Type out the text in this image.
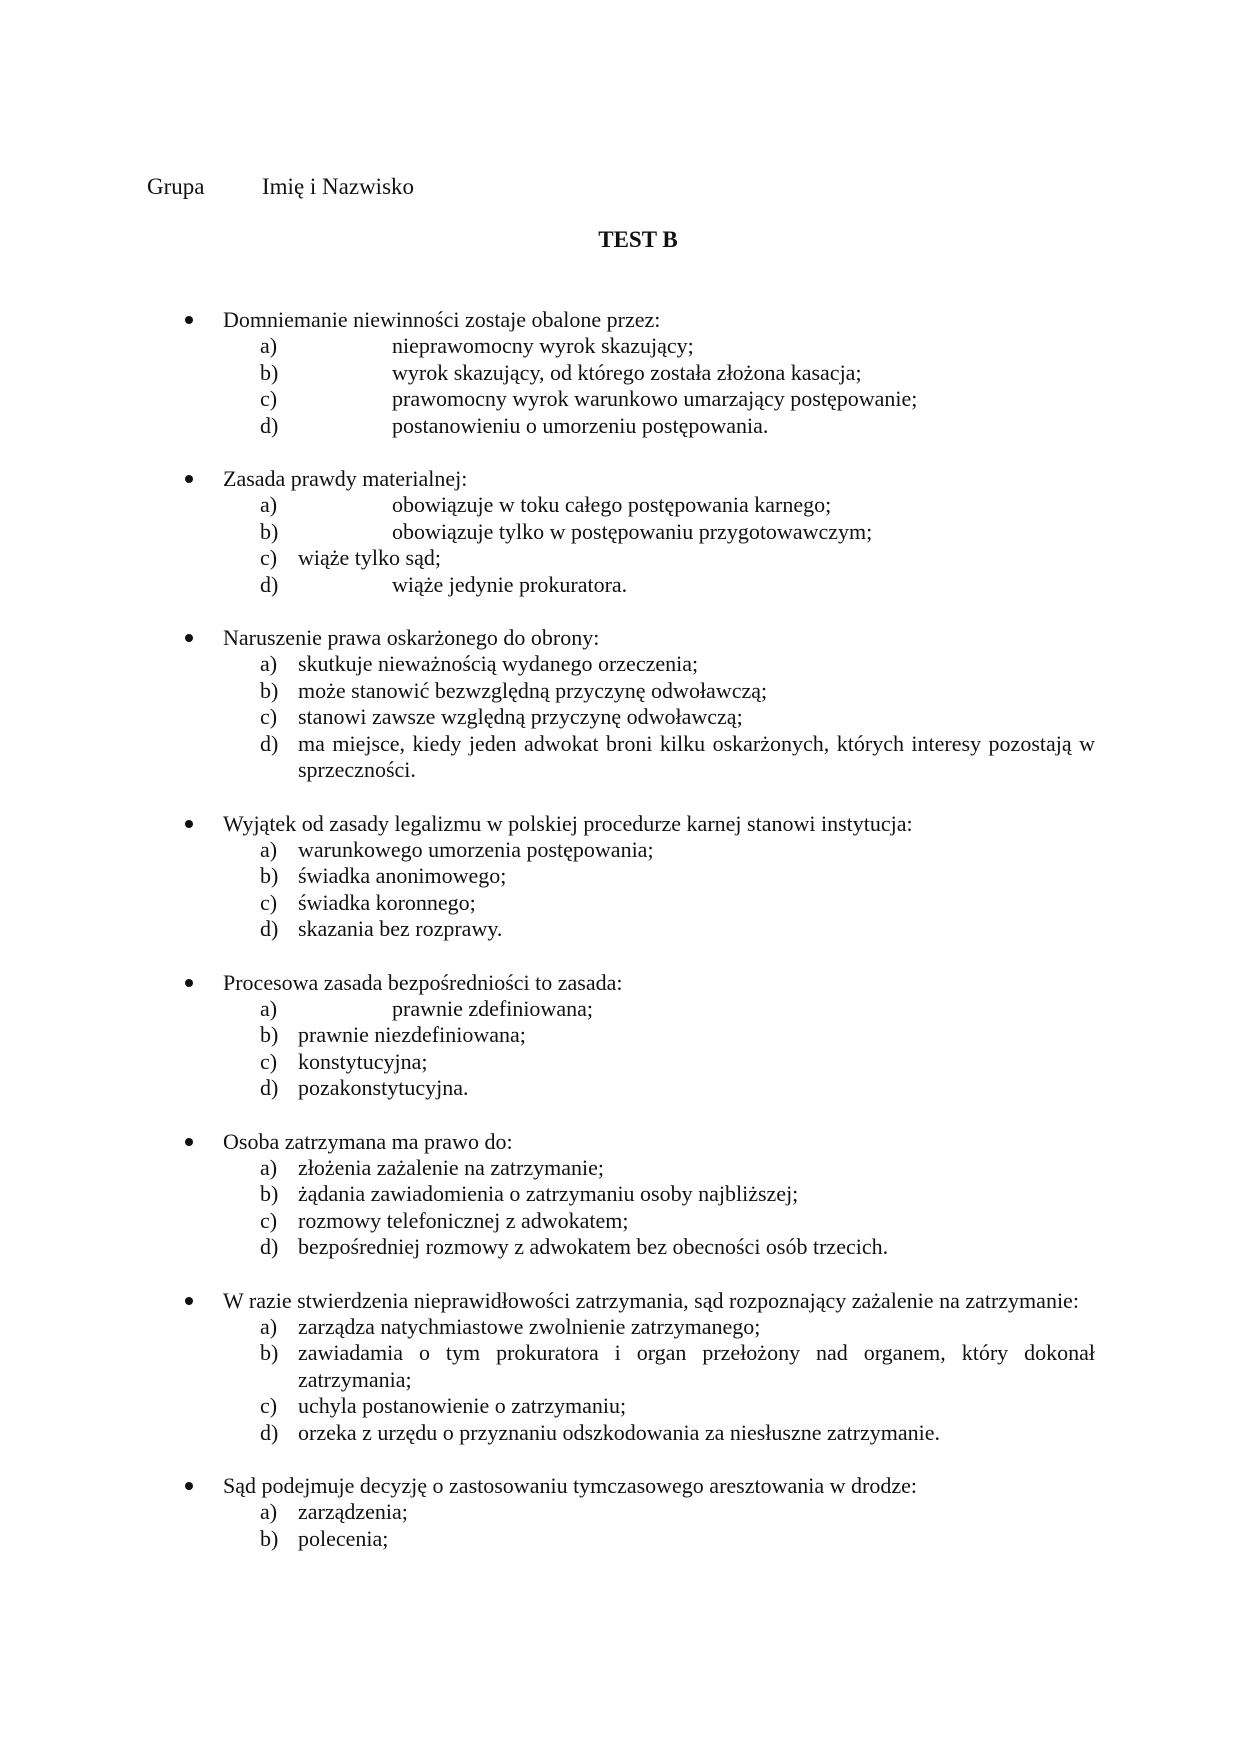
Grupa	Imię i Nazwisko
TEST B
Domniemanie niewinności zostaje obalone przez:
a)	nieprawomocny wyrok skazujący;
b)	wyrok skazujący, od którego została złożona kasacja;
c)	prawomocny wyrok warunkowo umarzający postępowanie;
d)	postanowieniu o umorzeniu postępowania.
Zasada prawdy materialnej:
a)	obowiązuje w toku całego postępowania karnego;
b)	obowiązuje tylko w postępowaniu przygotowawczym;
c) wiąże tylko sąd;
d)	wiąże jedynie prokuratora.
Naruszenie prawa oskarżonego do obrony:
a) skutkuje nieważnością wydanego orzeczenia;
b) może stanowić bezwzględną przyczynę odwoławczą;
c) stanowi zawsze względną przyczynę odwoławczą;
d) ma miejsce, kiedy jeden adwokat broni kilku oskarżonych, których interesy pozostają w sprzeczności.
Wyjątek od zasady legalizmu w polskiej procedurze karnej stanowi instytucja:
a) warunkowego umorzenia postępowania;
b) świadka anonimowego;
c) świadka koronnego;
d) skazania bez rozprawy.
Procesowa zasada bezpośredniości to zasada:
a)	prawnie zdefiniowana;
b) prawnie niezdefiniowana;
c) konstytucyjna;
d) pozakonstytucyjna.
Osoba zatrzymana ma prawo do:
a) złożenia zażalenie na zatrzymanie;
b) żądania zawiadomienia o zatrzymaniu osoby najbliższej;
c) rozmowy telefonicznej z adwokatem;
d) bezpośredniej rozmowy z adwokatem bez obecności osób trzecich.
W razie stwierdzenia nieprawidłowości zatrzymania, sąd rozpoznający zażalenie na zatrzymanie:
a) zarządza natychmiastowe zwolnienie zatrzymanego;
b) zawiadamia o tym prokuratora i organ przełożony nad organem, który dokonał zatrzymania;
c) uchyla postanowienie o zatrzymaniu;
d) orzeka z urzędu o przyznaniu odszkodowania za niesłuszne zatrzymanie.
Sąd podejmuje decyzję o zastosowaniu tymczasowego aresztowania w drodze:
a) zarządzenia;
b) polecenia;
